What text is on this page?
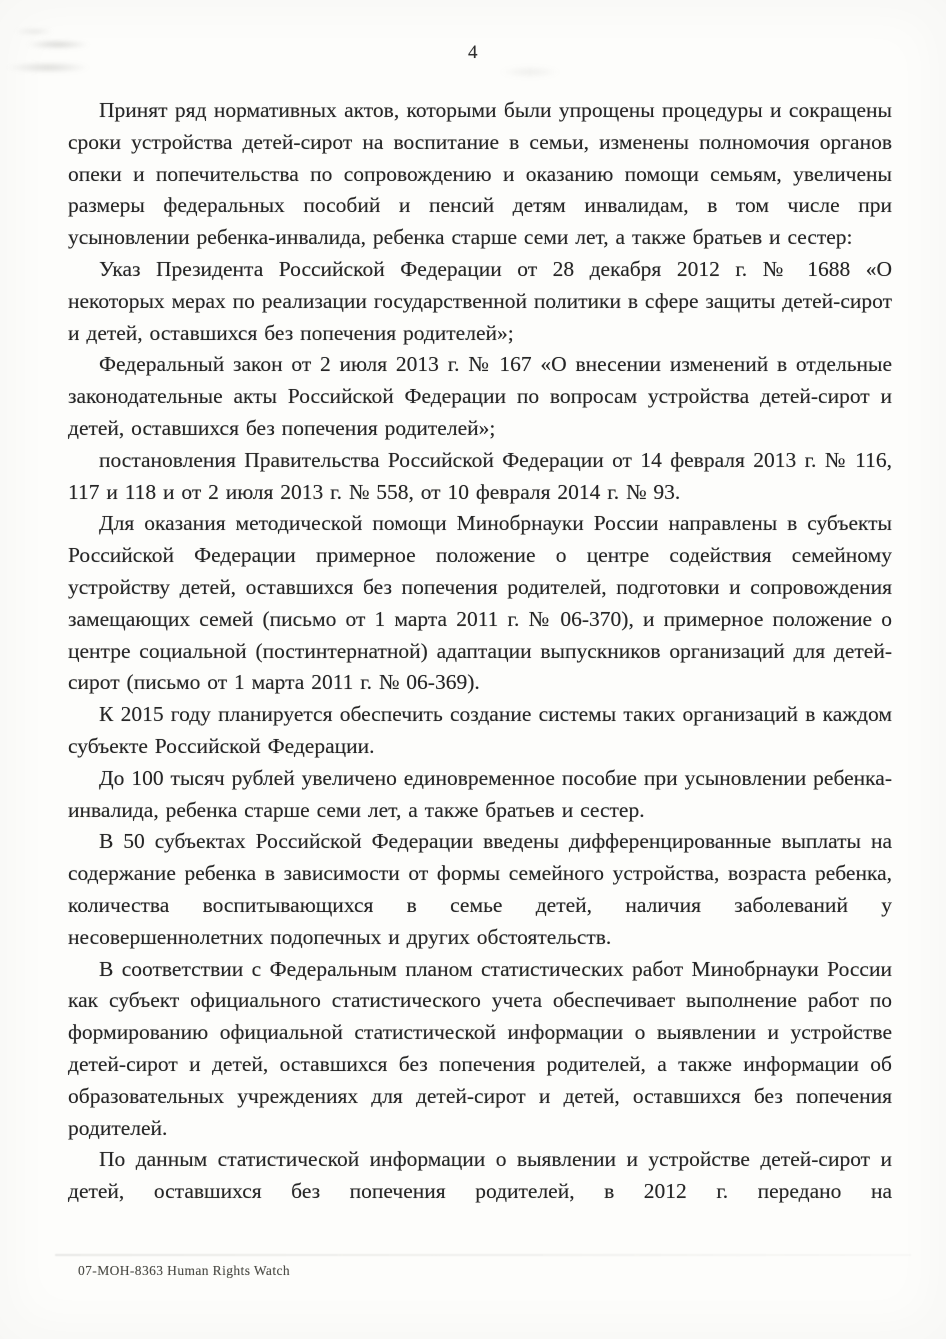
4

Принят ряд нормативных актов, которыми были упрощены процедуры и сокращены сроки устройства детей-сирот на воспитание в семьи, изменены полномочия органов опеки и попечительства по сопровождению и оказанию помощи семьям, увеличены размеры федеральных пособий и пенсий детям инвалидам, в том числе при усыновлении ребенка-инвалида, ребенка старше семи лет, а также братьев и сестер:

Указ Президента Российской Федерации от 28 декабря 2012 г. № 1688 «О некоторых мерах по реализации государственной политики в сфере защиты детей-сирот и детей, оставшихся без попечения родителей»;

Федеральный закон от 2 июля 2013 г. № 167 «О внесении изменений в отдельные законодательные акты Российской Федерации по вопросам устройства детей-сирот и детей, оставшихся без попечения родителей»;

постановления Правительства Российской Федерации от 14 февраля 2013 г. № 116, 117 и 118 и от 2 июля 2013 г. № 558, от 10 февраля 2014 г. № 93.

Для оказания методической помощи Минобрнауки России направлены в субъекты Российской Федерации примерное положение о центре содействия семейному устройству детей, оставшихся без попечения родителей, подготовки и сопровождения замещающих семей (письмо от 1 марта 2011 г. № 06-370), и примерное положение о центре социальной (постинтернатной) адаптации выпускников организаций для детей-сирот (письмо от 1 марта 2011 г. № 06-369).

К 2015 году планируется обеспечить создание системы таких организаций в каждом субъекте Российской Федерации.

До 100 тысяч рублей увеличено единовременное пособие при усыновлении ребенка-инвалида, ребенка старше семи лет, а также братьев и сестер.

В 50 субъектах Российской Федерации введены дифференцированные выплаты на содержание ребенка в зависимости от формы семейного устройства, возраста ребенка, количества воспитывающихся в семье детей, наличия заболеваний у несовершеннолетних подопечных и других обстоятельств.

В соответствии с Федеральным планом статистических работ Минобрнауки России как субъект официального статистического учета обеспечивает выполнение работ по формированию официальной статистической информации о выявлении и устройстве детей-сирот и детей, оставшихся без попечения родителей, а также информации об образовательных учреждениях для детей-сирот и детей, оставшихся без попечения родителей.

По данным статистической информации о выявлении и устройстве детей-сирот и детей, оставшихся без попечения родителей, в 2012 г. передано на

07-MOH-8363 Human Rights Watch
